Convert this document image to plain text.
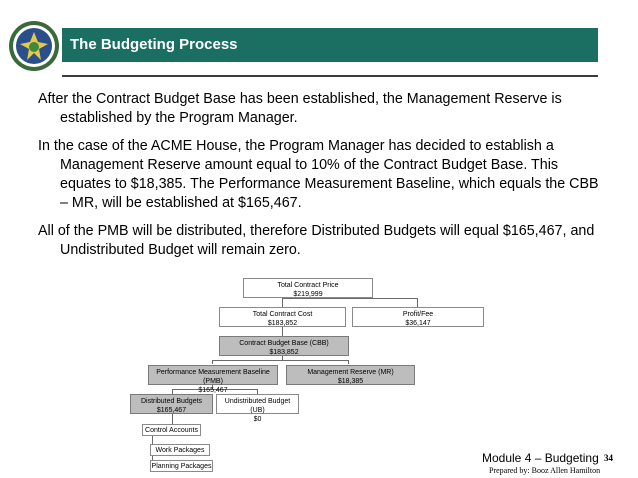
The Budgeting Process

After the Contract Budget Base has been established, the Management Reserve is established by the Program Manager.

In the case of the ACME House, the Program Manager has decided to establish a Management Reserve amount equal to 10% of the Contract Budget Base. This equates to $18,385. The Performance Measurement Baseline, which equals the CBB – MR, will be established at $165,467.

All of the PMB will be distributed, therefore Distributed Budgets will equal $165,467, and Undistributed Budget will remain zero.

Total Contract Price
$219,999
Total Contract Cost
$183,852
Profit/Fee
$36,147
Contract Budget Base (CBB)
$183,852
Performance Measurement Baseline (PMB)
$165,467
Management Reserve (MR)
$18,385
Distributed Budgets
$165,467
Undistributed Budget (UB)
$0
Control Accounts
Work Packages
Planning Packages
Module 4 – Budgeting 34
Prepared by: Booz Allen Hamilton
